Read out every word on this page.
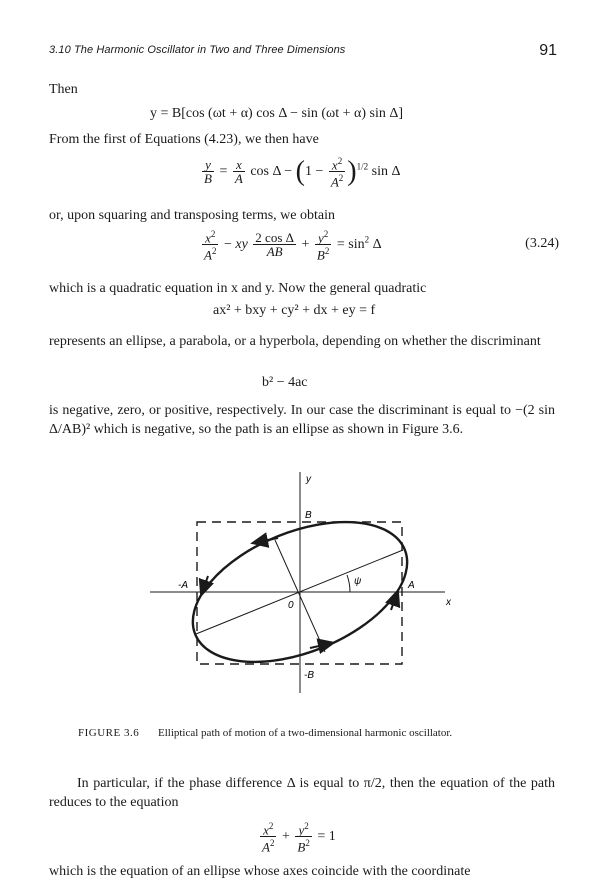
3.10 The Harmonic Oscillator in Two and Three Dimensions	91
Then
y = B[cos (ωt + α) cos Δ − sin (ωt + α) sin Δ]
From the first of Equations (4.23), we then have
$\frac{y}{B} = \frac{x}{A}$ $\cos \Delta - (1 - \frac{x^2}{A^2} )^{1/2}$ sin Δ
or, upon squaring and transposing terms, we obtain
$\frac{x^2}{A^2}$ − xy $\frac{\text{2 cos Δ}}{AB} + \frac{y^2}{B^2} = \sin^2 \Delta$	(3.24)
which is a quadratic equation in x and y. Now the general quadratic
ax² + bxy + cy² + dx + ey = f
represents an ellipse, a parabola, or a hyperbola, depending on whether the discriminant
b² − 4ac
is negative, zero, or positive, respectively. In our case the discriminant is equal to −(2 sin Δ/AB)² which is negative, so the path is an ellipse as shown in Figure 3.6.
y
x
0
B
-B
A
-A	ψ
FIGURE 3.6 Elliptical path of motion of a two-dimensional harmonic oscillator.
In particular, if the phase difference Δ is equal to π/2, then the equation of the path reduces to the equation
$\frac{x^2}{A^2} + \frac{y^2}{B^2} = 1$
which is the equation of an ellipse whose axes coincide with the coordinate
